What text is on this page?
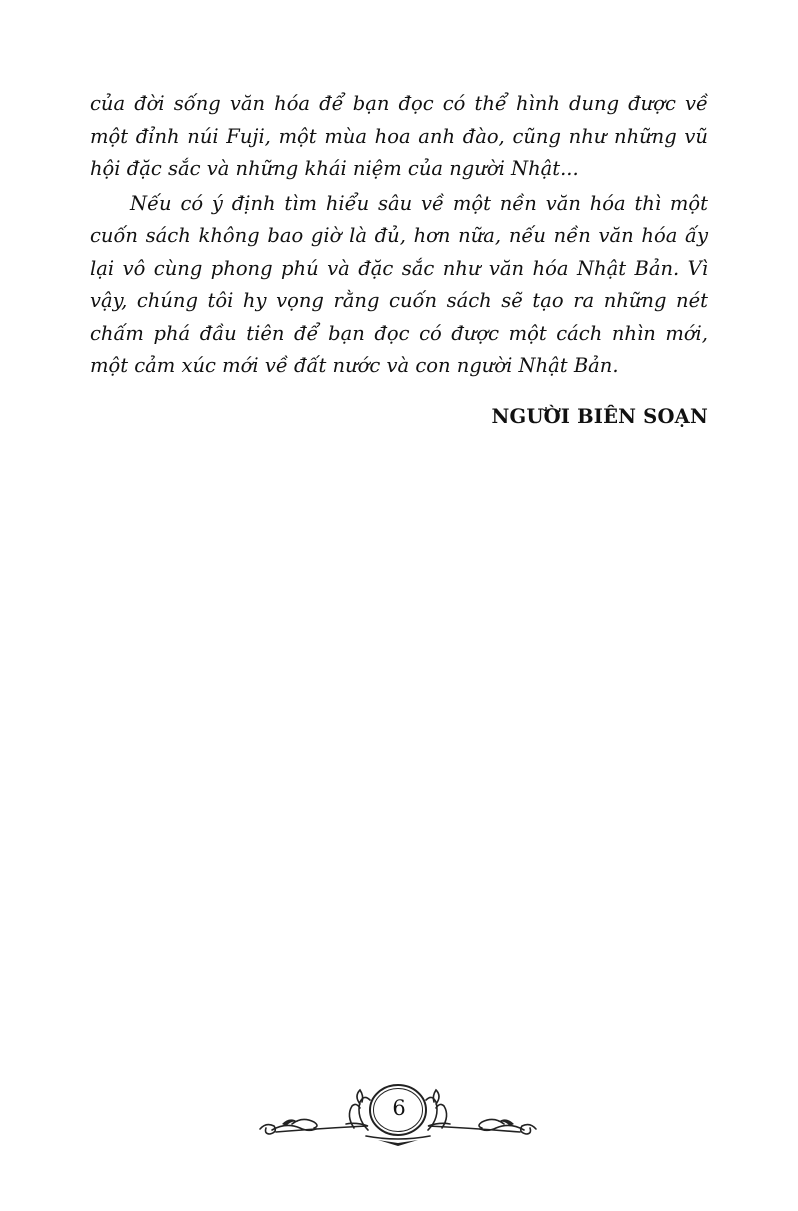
của đời sống văn hóa để bạn đọc có thể hình dung được về một đỉnh núi Fuji, một mùa hoa anh đào, cũng như những vũ hội đặc sắc và những khái niệm của người Nhật...

Nếu có ý định tìm hiểu sâu về một nền văn hóa thì một cuốn sách không bao giờ là đủ, hơn nữa, nếu nền văn hóa ấy lại vô cùng phong phú và đặc sắc như văn hóa Nhật Bản. Vì vậy, chúng tôi hy vọng rằng cuốn sách sẽ tạo ra những nét chấm phá đầu tiên để bạn đọc có được một cách nhìn mới, một cảm xúc mới về đất nước và con người Nhật Bản.

NGƯỜI BIÊN SOẠN
6
